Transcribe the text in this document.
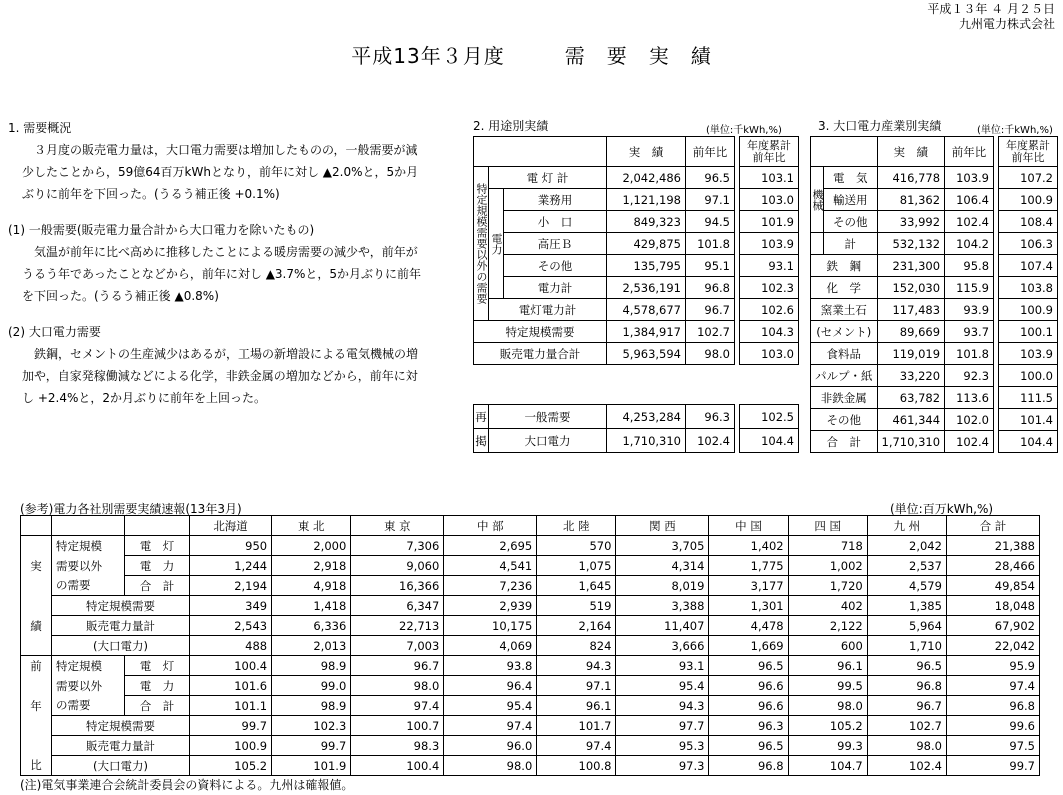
平成１３年 ４ 月２５日
九州電力株式会社
平成13年３月度	需　要　実　績

1. 需要概況

３月度の販売電力量は，大口電力需要は増加したものの，一般需要が減少したことから，59億64百万kWhとなり，前年に対し ▲2.0%と，5か月ぶりに前年を下回った。(うるう補正後 +0.1%)

(1) 一般需要(販売電力量合計から大口電力を除いたもの)

気温が前年に比べ高めに推移したことによる暖房需要の減少や，前年がうるう年であったことなどから，前年に対し ▲3.7%と，5か月ぶりに前年を下回った。(うるう補正後 ▲0.8%)

(2) 大口電力需要

鉄鋼，セメントの生産減少はあるが，工場の新増設による電気機械の増加や，自家発稼働減などによる化学，非鉄金属の増加などから，前年に対し +2.4%と，2か月ぶりに前年を上回った。

2. 用途別実績	(単位:千kWh,%)
			実　績	前年比		年度累計前年比
特定規模需要以外の需要	電 灯 計		2,042,486	96.5		103.1
	電力	業務用	1,121,198	97.1		103.0
		小　口	849,323	94.5		101.9
		高圧Ｂ	429,875	101.8		103.9
		その他	135,795	95.1		93.1
		電力計	2,536,191	96.8		102.3
	電灯電力計		4,578,677	96.7		102.6
特定規模需要			1,384,917	102.7		104.3
販売電力量合計			5,963,594	98.0		103.0
再	一般需要	4,253,284	96.3		102.5
掲	大口電力	1,710,310	102.4		104.4
3. 大口電力産業別実績	(単位:千kWh,%)
		実　績	前年比		年度累計前年比
機械	電　気	416,778	103.9		107.2
	輸送用	81,362	106.4		100.9
	その他	33,992	102.4		108.4
	計	532,132	104.2		106.3
鉄　鋼		231,300	95.8		107.4
化　学		152,030	115.9		103.8
窯業土石		117,483	93.9		100.9
(セメント)		89,669	93.7		100.1
食料品		119,019	101.8		103.9
パルプ・紙		33,220	92.3		100.0
非鉄金属		63,782	113.6		111.5
その他		461,344	102.0		101.4
合　計		1,710,310	102.4		104.4
(参考)電力各社別需要実績速報(13年3月)	(単位:百万kWh,%)
			北海道	東 北	東 京	中 部	北 陸	関 西	中 国	四 国	九 州	合 計
	特定規模	電　灯	950	2,000	7,306	2,695	570	3,705	1,402	718	2,042	21,388
実	需要以外	電　力	1,244	2,918	9,060	4,541	1,075	4,314	1,775	1,002	2,537	28,466
	の需要	合　計	2,194	4,918	16,366	7,236	1,645	8,019	3,177	1,720	4,579	49,854
	特定規模需要		349	1,418	6,347	2,939	519	3,388	1,301	402	1,385	18,048
績	販売電力量計		2,543	6,336	22,713	10,175	2,164	11,407	4,478	2,122	5,964	67,902
	(大口電力)		488	2,013	7,003	4,069	824	3,666	1,669	600	1,710	22,042
前	特定規模	電　灯	100.4	98.9	96.7	93.8	94.3	93.1	96.5	96.1	96.5	95.9
	需要以外	電　力	101.6	99.0	98.0	96.4	97.1	95.4	96.6	99.5	96.8	97.4
年	の需要	合　計	101.1	98.9	97.4	95.4	96.1	94.3	96.6	98.0	96.7	96.8
	特定規模需要		99.7	102.3	100.7	97.4	101.7	97.7	96.3	105.2	102.7	99.6
	販売電力量計		100.9	99.7	98.3	96.0	97.4	95.3	96.5	99.3	98.0	97.5
比	(大口電力)		105.2	101.9	100.4	98.0	100.8	97.3	96.8	104.7	102.4	99.7
(注)電気事業連合会統計委員会の資料による。九州は確報値。
